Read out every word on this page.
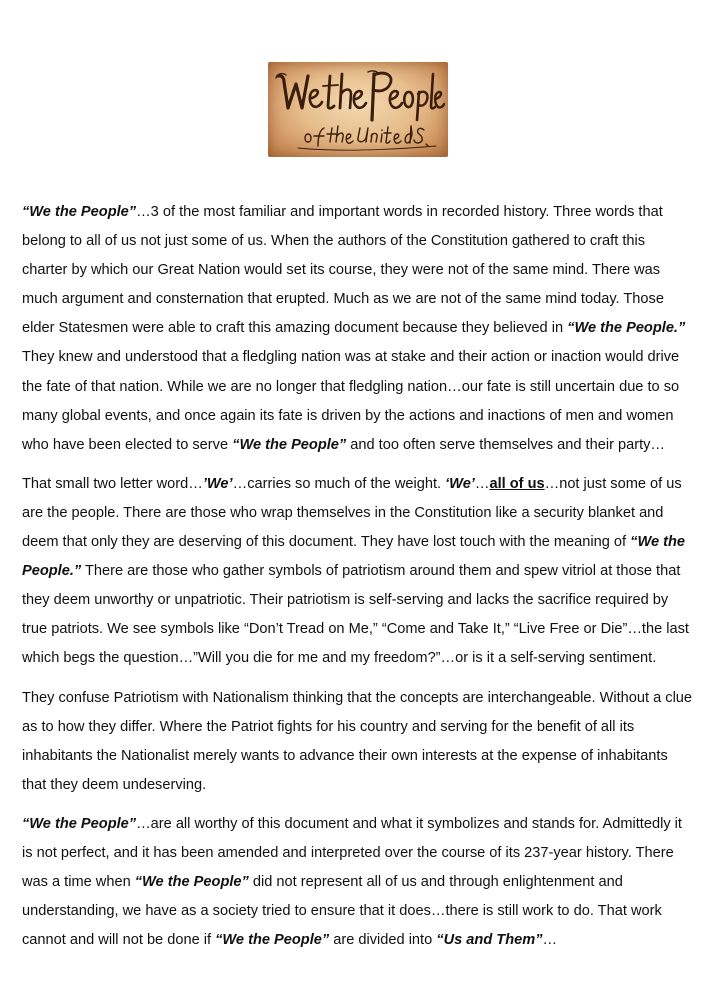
“We the People”…3 of the most familiar and important words in recorded history. Three words that belong to all of us not just some of us. When the authors of the Constitution gathered to craft this charter by which our Great Nation would set its course, they were not of the same mind. There was much argument and consternation that erupted. Much as we are not of the same mind today. Those elder Statesmen were able to craft this amazing document because they believed in “We the People.” They knew and understood that a fledgling nation was at stake and their action or inaction would drive the fate of that nation. While we are no longer that fledgling nation…our fate is still uncertain due to so many global events, and once again its fate is driven by the actions and inactions of men and women who have been elected to serve “We the People” and too often serve themselves and their party…

That small two letter word…’We’…carries so much of the weight. ‘We’…all of us…not just some of us are the people. There are those who wrap themselves in the Constitution like a security blanket and deem that only they are deserving of this document. They have lost touch with the meaning of “We the People.” There are those who gather symbols of patriotism around them and spew vitriol at those that they deem unworthy or unpatriotic. Their patriotism is self-serving and lacks the sacrifice required by true patriots. We see symbols like “Don’t Tread on Me,” “Come and Take It,” “Live Free or Die”…the last which begs the question…”Will you die for me and my freedom?”…or is it a self-serving sentiment.

They confuse Patriotism with Nationalism thinking that the concepts are interchangeable. Without a clue as to how they differ. Where the Patriot fights for his country and serving for the benefit of all its inhabitants the Nationalist merely wants to advance their own interests at the expense of inhabitants that they deem undeserving.

“We the People”…are all worthy of this document and what it symbolizes and stands for. Admittedly it is not perfect, and it has been amended and interpreted over the course of its 237-year history. There was a time when “We the People” did not represent all of us and through enlightenment and understanding, we have as a society tried to ensure that it does…there is still work to do. That work cannot and will not be done if “We the People” are divided into “Us and Them”…
